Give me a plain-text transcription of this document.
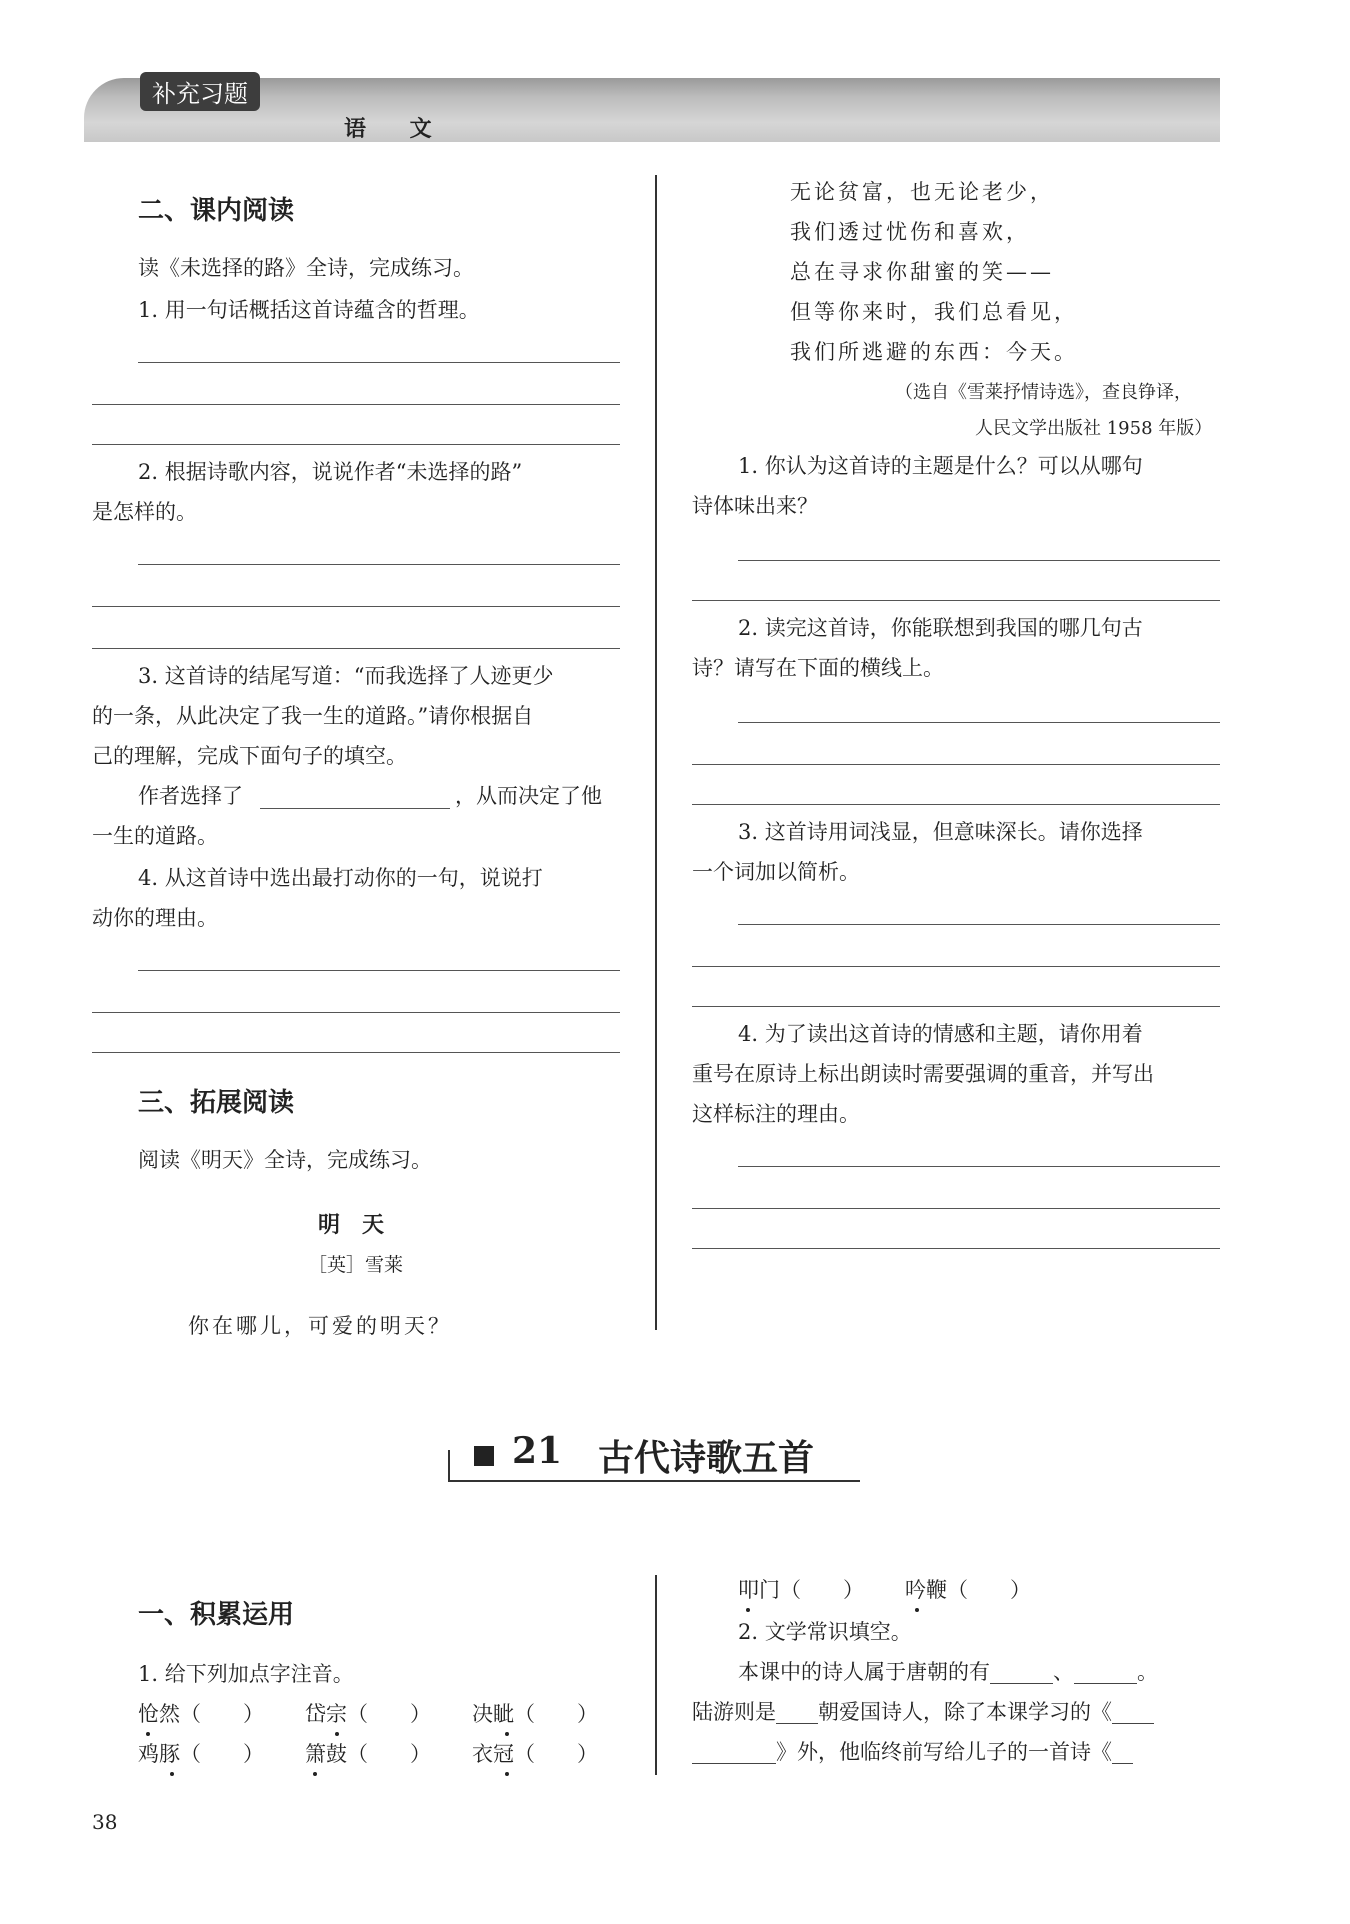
补充习题
语 文
二、课内阅读
读《未选择的路》全诗，完成练习。
1. 用一句话概括这首诗蕴含的哲理。
2. 根据诗歌内容，说说作者“未选择的路”
是怎样的。
3. 这首诗的结尾写道：“而我选择了人迹更少
的一条，从此决定了我一生的道路。”请你根据自
己的理解，完成下面句子的填空。
作者选择了	，从而决定了他
一生的道路。
4. 从这首诗中选出最打动你的一句，说说打
动你的理由。
三、拓展阅读
阅读《明天》全诗，完成练习。
明　天
［英］雪莱
你在哪儿，可爱的明天？
无论贫富，也无论老少，
我们透过忧伤和喜欢，
总在寻求你甜蜜的笑——
但等你来时，我们总看见，
我们所逃避的东西：今天。
（选自《雪莱抒情诗选》，查良铮译，
人民文学出版社 1958 年版）
1. 你认为这首诗的主题是什么？可以从哪句
诗体味出来？
2. 读完这首诗，你能联想到我国的哪几句古
诗？请写在下面的横线上。
3. 这首诗用词浅显，但意味深长。请你选择
一个词加以简析。
4. 为了读出这首诗的情感和主题，请你用着
重号在原诗上标出朗读时需要强调的重音，并写出
这样标注的理由。
21 古代诗歌五首
一、积累运用
1. 给下列加点字注音。
怆然（　　） 岱宗（　　） 决眦（　　）
鸡豚（　　） 箫鼓（　　） 衣冠（　　）
叩门（　　） 吟鞭（　　）
2. 文学常识填空。
本课中的诗人属于唐朝的有______、______。
陆游则是____朝爱国诗人，除了本课学习的《____
________》外，他临终前写给儿子的一首诗《__
38
